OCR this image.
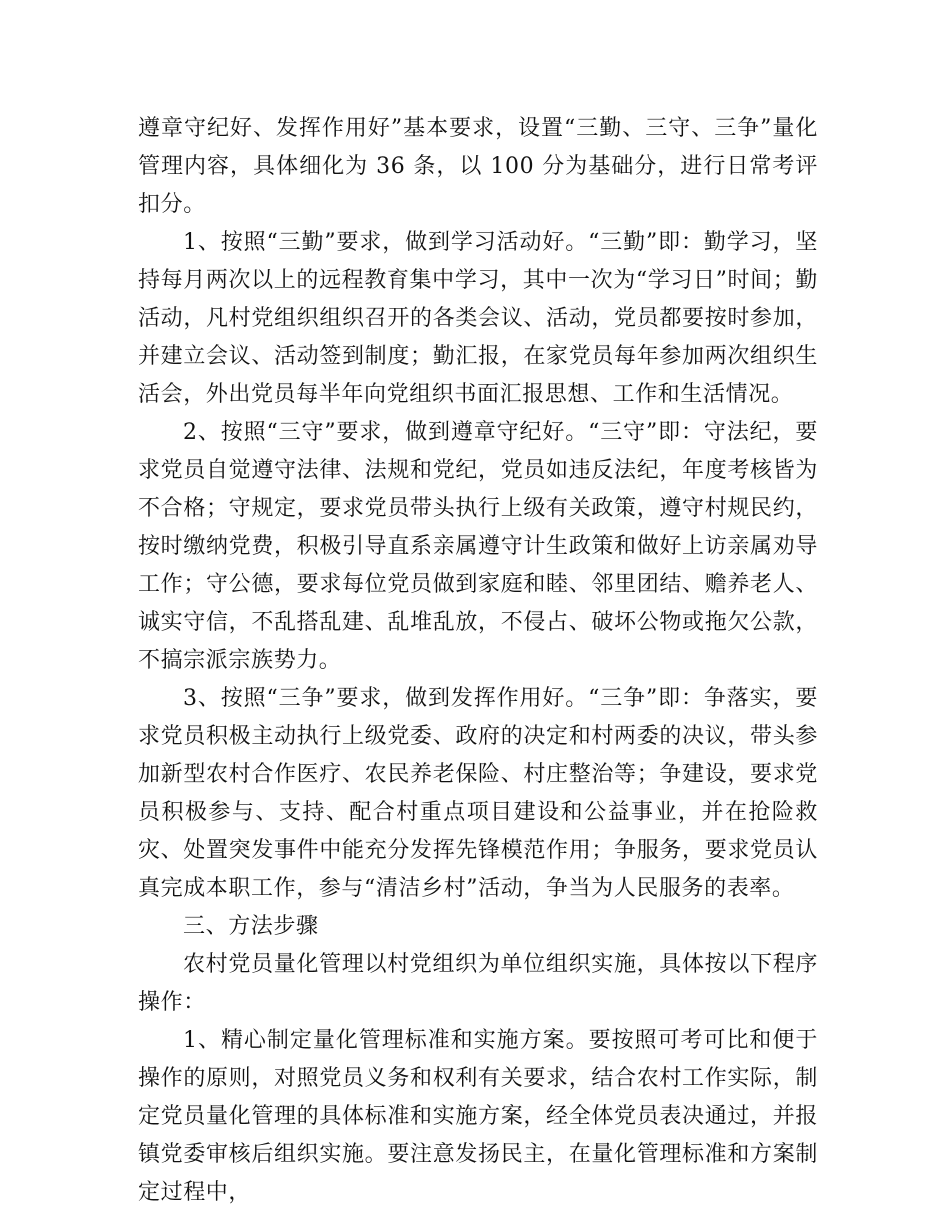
遵章守纪好、发挥作用好”基本要求，设置“三勤、三守、三争”量化管理内容，具体细化为 36 条，以 100 分为基础分，进行日常考评扣分。

1、按照“三勤”要求，做到学习活动好。“三勤”即：勤学习，坚持每月两次以上的远程教育集中学习，其中一次为“学习日”时间；勤活动，凡村党组织组织召开的各类会议、活动，党员都要按时参加，并建立会议、活动签到制度；勤汇报，在家党员每年参加两次组织生活会，外出党员每半年向党组织书面汇报思想、工作和生活情况。

2、按照“三守”要求，做到遵章守纪好。“三守”即：守法纪，要求党员自觉遵守法律、法规和党纪，党员如违反法纪，年度考核皆为不合格；守规定，要求党员带头执行上级有关政策，遵守村规民约，按时缴纳党费，积极引导直系亲属遵守计生政策和做好上访亲属劝导工作；守公德，要求每位党员做到家庭和睦、邻里团结、赡养老人、诚实守信，不乱搭乱建、乱堆乱放，不侵占、破坏公物或拖欠公款，不搞宗派宗族势力。

3、按照“三争”要求，做到发挥作用好。“三争”即：争落实，要求党员积极主动执行上级党委、政府的决定和村两委的决议，带头参加新型农村合作医疗、农民养老保险、村庄整治等；争建设，要求党员积极参与、支持、配合村重点项目建设和公益事业，并在抢险救灾、处置突发事件中能充分发挥先锋模范作用；争服务，要求党员认真完成本职工作，参与“清洁乡村”活动，争当为人民服务的表率。

三、方法步骤

农村党员量化管理以村党组织为单位组织实施，具体按以下程序操作：

1、精心制定量化管理标准和实施方案。要按照可考可比和便于操作的原则，对照党员义务和权利有关要求，结合农村工作实际，制定党员量化管理的具体标准和实施方案，经全体党员表决通过，并报镇党委审核后组织实施。要注意发扬民主，在量化管理标准和方案制定过程中，
